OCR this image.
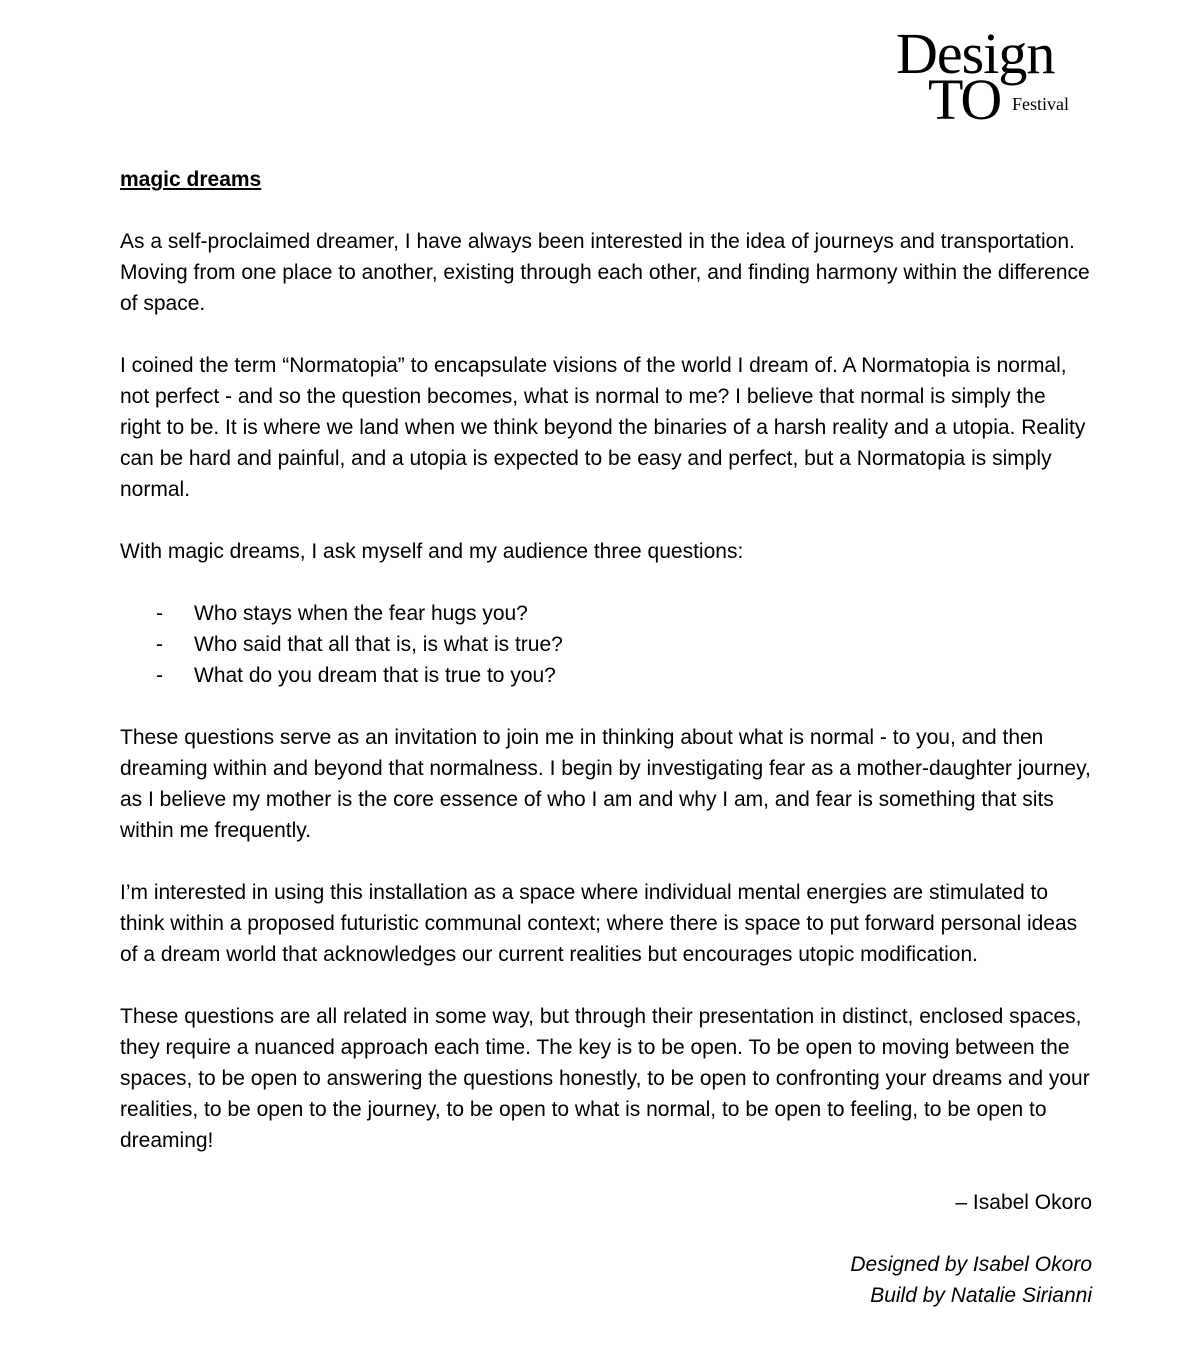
Design
TO Festival
magic dreams

As a self-proclaimed dreamer, I have always been interested in the idea of journeys and transportation. Moving from one place to another, existing through each other, and finding harmony within the difference of space.

I coined the term “Normatopia” to encapsulate visions of the world I dream of. A Normatopia is normal, not perfect - and so the question becomes, what is normal to me? I believe that normal is simply the right to be. It is where we land when we think beyond the binaries of a harsh reality and a utopia. Reality can be hard and painful, and a utopia is expected to be easy and perfect, but a Normatopia is simply normal.

With magic dreams, I ask myself and my audience three questions:

- Who stays when the fear hugs you?
- Who said that all that is, is what is true?
- What do you dream that is true to you?

These questions serve as an invitation to join me in thinking about what is normal - to you, and then dreaming within and beyond that normalness. I begin by investigating fear as a mother-daughter journey, as I believe my mother is the core essence of who I am and why I am, and fear is something that sits within me frequently.

I’m interested in using this installation as a space where individual mental energies are stimulated to think within a proposed futuristic communal context; where there is space to put forward personal ideas of a dream world that acknowledges our current realities but encourages utopic modification.

These questions are all related in some way, but through their presentation in distinct, enclosed spaces, they require a nuanced approach each time. The key is to be open. To be open to moving between the spaces, to be open to answering the questions honestly, to be open to confronting your dreams and your realities, to be open to the journey, to be open to what is normal, to be open to feeling, to be open to dreaming!

– Isabel Okoro
Designed by Isabel Okoro
Build by Natalie Sirianni
